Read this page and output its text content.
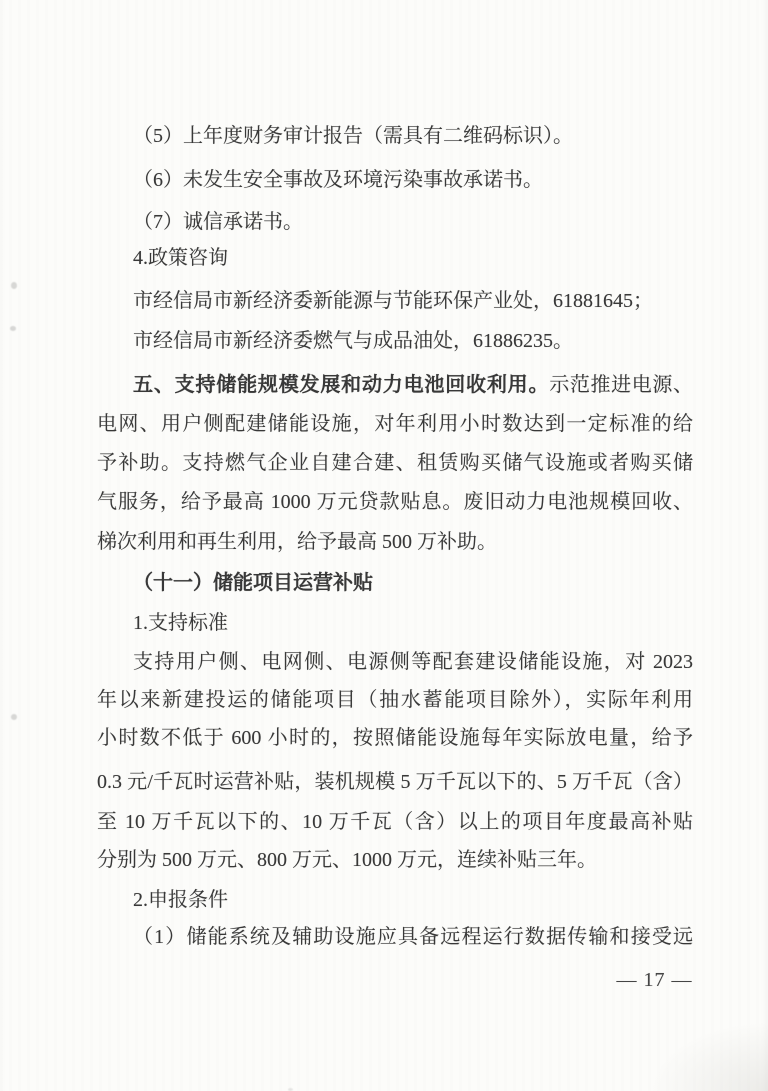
（5）上年度财务审计报告（需具有二维码标识）。
（6）未发生安全事故及环境污染事故承诺书。
（7）诚信承诺书。
4.政策咨询
市经信局市新经济委新能源与节能环保产业处，61881645；
市经信局市新经济委燃气与成品油处，61886235。
五、支持储能规模发展和动力电池回收利用。示范推进电源、
电网、用户侧配建储能设施，对年利用小时数达到一定标准的给
予补助。支持燃气企业自建合建、租赁购买储气设施或者购买储
气服务，给予最高 1000 万元贷款贴息。废旧动力电池规模回收、
梯次利用和再生利用，给予最高 500 万补助。
（十一）储能项目运营补贴
1.支持标准
支持用户侧、电网侧、电源侧等配套建设储能设施，对 2023
年以来新建投运的储能项目（抽水蓄能项目除外），实际年利用
小时数不低于 600 小时的，按照储能设施每年实际放电量，给予
0.3 元/千瓦时运营补贴，装机规模 5 万千瓦以下的、5 万千瓦（含）
至 10 万千瓦以下的、10 万千瓦（含）以上的项目年度最高补贴
分别为 500 万元、800 万元、1000 万元，连续补贴三年。
2.申报条件
（1）储能系统及辅助设施应具备远程运行数据传输和接受远
— 17 —
